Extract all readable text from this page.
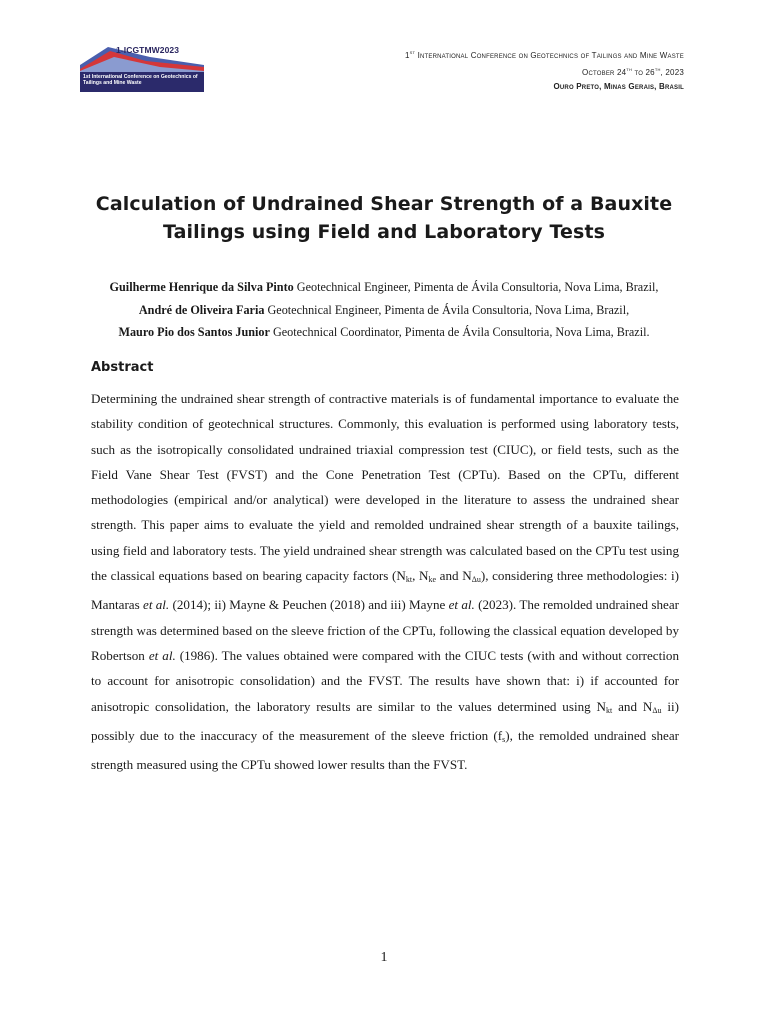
1-ICGTMW2023
1st International Conference on Geotechnics of Tailings and Mine Waste
1st International Conference on Geotechnics of Tailings and Mine Waste
October 24th to 26th, 2023
Ouro Preto, Minas Gerais, Brasil
Calculation of Undrained Shear Strength of a Bauxite Tailings using Field and Laboratory Tests
Guilherme Henrique da Silva Pinto Geotechnical Engineer, Pimenta de Ávila Consultoria, Nova Lima, Brazil,
André de Oliveira Faria Geotechnical Engineer, Pimenta de Ávila Consultoria, Nova Lima, Brazil,
Mauro Pio dos Santos Junior Geotechnical Coordinator, Pimenta de Ávila Consultoria, Nova Lima, Brazil.
Abstract
Determining the undrained shear strength of contractive materials is of fundamental importance to evaluate the stability condition of geotechnical structures. Commonly, this evaluation is performed using laboratory tests, such as the isotropically consolidated undrained triaxial compression test (CIUC), or field tests, such as the Field Vane Shear Test (FVST) and the Cone Penetration Test (CPTu). Based on the CPTu, different methodologies (empirical and/or analytical) were developed in the literature to assess the undrained shear strength. This paper aims to evaluate the yield and remolded undrained shear strength of a bauxite tailings, using field and laboratory tests. The yield undrained shear strength was calculated based on the CPTu test using the classical equations based on bearing capacity factors ($N_{kt}$, $N_{ke}$ and $N_{\Delta u}$), considering three methodologies: i) Mantaras et al. (2014); ii) Mayne & Peuchen (2018) and iii) Mayne et al. (2023). The remolded undrained shear strength was determined based on the sleeve friction of the CPTu, following the classical equation developed by Robertson et al. (1986). The values obtained were compared with the CIUC tests (with and without correction to account for anisotropic consolidation) and the FVST. The results have shown that: i) if accounted for anisotropic consolidation, the laboratory results are similar to the values determined using $N_{kt}$ and $N_{\Delta u}$ ii) possibly due to the inaccuracy of the measurement of the sleeve friction $(f_s)$, the remolded undrained shear strength measured using the CPTu showed lower results than the FVST.
1
